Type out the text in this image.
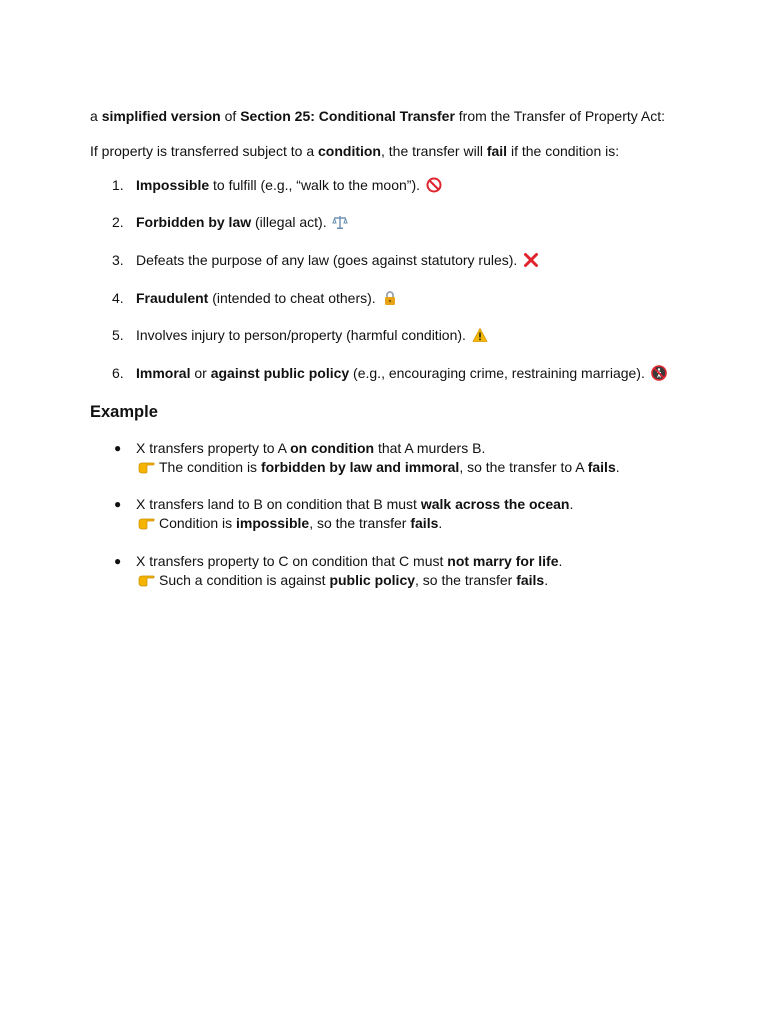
a simplified version of Section 25: Conditional Transfer from the Transfer of Property Act:
If property is transferred subject to a condition, the transfer will fail if the condition is:
1. Impossible to fulfill (e.g., “walk to the moon”).
2. Forbidden by law (illegal act).
3. Defeats the purpose of any law (goes against statutory rules).
4. Fraudulent (intended to cheat others).
5. Involves injury to person/property (harmful condition).
6. Immoral or against public policy (e.g., encouraging crime, restraining marriage).
Example
● X transfers property to A on condition that A murders B.
The condition is forbidden by law and immoral, so the transfer to A fails.
● X transfers land to B on condition that B must walk across the ocean.
Condition is impossible, so the transfer fails.
● X transfers property to C on condition that C must not marry for life.
Such a condition is against public policy, so the transfer fails.
